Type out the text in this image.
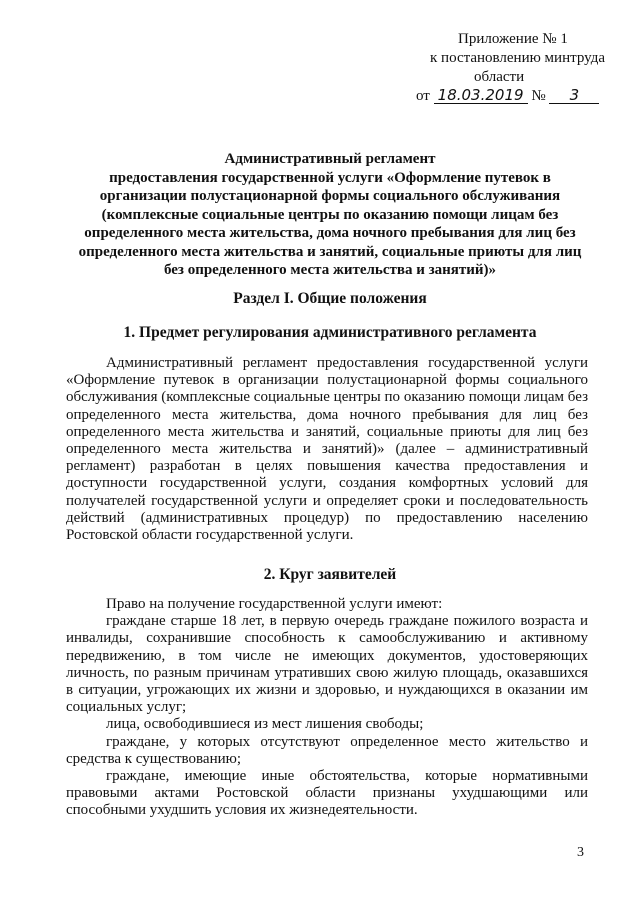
Приложение № 1
к постановлению минтруда
области
от 18.03.2019 № 3
Административный регламент
предоставления государственной услуги «Оформление путевок в
организации полустационарной формы социального обслуживания
(комплексные социальные центры по оказанию помощи лицам без
определенного места жительства, дома ночного пребывания для лиц без
определенного места жительства и занятий, социальные приюты для лиц
без определенного места жительства и занятий)»
Раздел I. Общие положения
1. Предмет регулирования административного регламента

Административный регламент предоставления государственной услуги «Оформление путевок в организации полустационарной формы социального обслуживания (комплексные социальные центры по оказанию помощи лицам без определенного места жительства, дома ночного пребывания для лиц без определенного места жительства и занятий, социальные приюты для лиц без определенного места жительства и занятий)» (далее – административный регламент) разработан в целях повышения качества предоставления и доступности государственной услуги, создания комфортных условий для получателей государственной услуги и определяет сроки и последовательность действий (административных процедур) по предоставлению населению Ростовской области государственной услуги.

2. Круг заявителей

Право на получение государственной услуги имеют:

граждане старше 18 лет, в первую очередь граждане пожилого возраста и инвалиды, сохранившие способность к самообслуживанию и активному передвижению, в том числе не имеющих документов, удостоверяющих личность, по разным причинам утративших свою жилую площадь, оказавшихся в ситуации, угрожающих их жизни и здоровью, и нуждающихся в оказании им социальных услуг;

лица, освободившиеся из мест лишения свободы;

граждане, у которых отсутствуют определенное место жительство и средства к существованию;

граждане, имеющие иные обстоятельства, которые нормативными правовыми актами Ростовской области признаны ухудшающими или способными ухудшить условия их жизнедеятельности.

3
